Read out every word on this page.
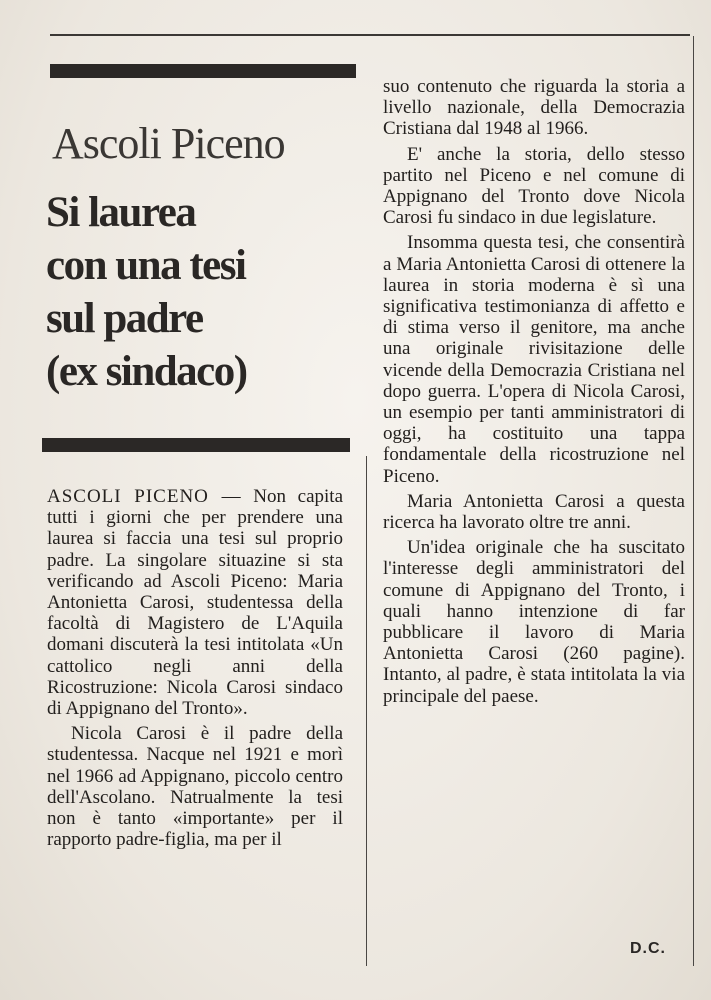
Ascoli Piceno
Si laurea
con una tesi
sul padre
(ex sindaco)

ASCOLI PICENO — Non capita tutti i giorni che per prendere una laurea si faccia una tesi sul proprio padre. La singolare situazine si sta verificando ad Ascoli Piceno: Maria Antonietta Carosi, studentessa della facoltà di Magistero de L'Aquila domani discuterà la tesi intitolata «Un cattolico negli anni della Ricostruzione: Nicola Carosi sindaco di Appignano del Tronto».

Nicola Carosi è il padre della studentessa. Nacque nel 1921 e morì nel 1966 ad Appignano, piccolo centro dell'Ascolano. Natrualmente la tesi non è tanto «importante» per il rapporto padre-figlia, ma per il

suo contenuto che riguarda la storia a livello nazionale, della Democrazia Cristiana dal 1948 al 1966.

E' anche la storia, dello stesso partito nel Piceno e nel comune di Appignano del Tronto dove Nicola Carosi fu sindaco in due legislature.

Insomma questa tesi, che consentirà a Maria Antonietta Carosi di ottenere la laurea in storia moderna è sì una significativa testimonianza di affetto e di stima verso il genitore, ma anche una originale rivisitazione delle vicende della Democrazia Cristiana nel dopo guerra. L'opera di Nicola Carosi, un esempio per tanti amministratori di oggi, ha costituito una tappa fondamentale della ricostruzione nel Piceno.

Maria Antonietta Carosi a questa ricerca ha lavorato oltre tre anni.

Un'idea originale che ha suscitato l'interesse degli amministratori del comune di Appignano del Tronto, i quali hanno intenzione di far pubblicare il lavoro di Maria Antonietta Carosi (260 pagine). Intanto, al padre, è stata intitolata la via principale del paese.

D.C.
